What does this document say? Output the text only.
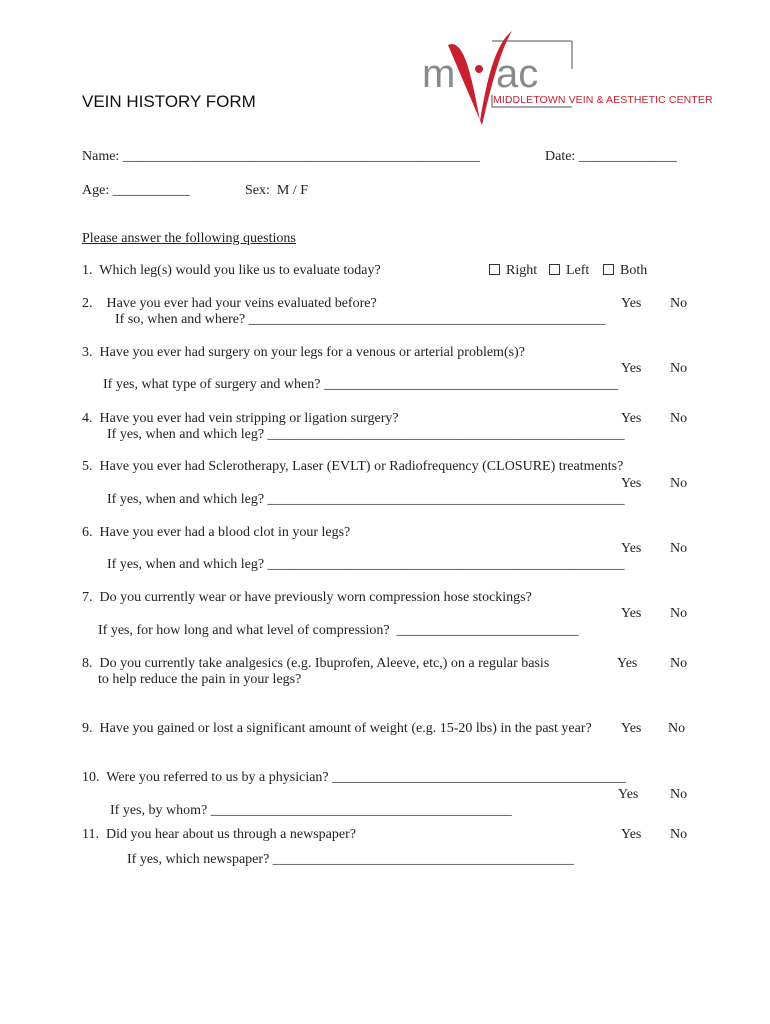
m ac
MIDDLETOWN VEIN & AESTHETIC CENTER
VEIN HISTORY FORM
Name: ___________________________________________________	Date: ______________
Age: ___________	Sex:  M / F
Please answer the following questions
1.  Which leg(s) would you like us to evaluate today?	Right	Left	Both
2.    Have you ever had your veins evaluated before?
If so, when and where? ___________________________________________________
Yes No
3.  Have you ever had surgery on your legs for a venous or arterial problem(s)?
Yes No
If yes, what type of surgery and when? __________________________________________
4.  Have you ever had vein stripping or ligation surgery?	Yes No
If yes, when and which leg? ___________________________________________________
5.  Have you ever had Sclerotherapy, Laser (EVLT) or Radiofrequency (CLOSURE) treatments?
Yes No
If yes, when and which leg? ___________________________________________________
6.  Have you ever had a blood clot in your legs?
Yes No
If yes, when and which leg? ___________________________________________________
7.  Do you currently wear or have previously worn compression hose stockings?
Yes No
If yes, for how long and what level of compression?  __________________________
8.  Do you currently take analgesics (e.g. Ibuprofen, Aleeve, etc,) on a regular basis
to help reduce the pain in your legs?
Yes No
9.  Have you gained or lost a significant amount of weight (e.g. 15-20 lbs) in the past year? Yes No
10.  Were you referred to us by a physician? __________________________________________
Yes No
If yes, by whom? ___________________________________________
11.  Did you hear about us through a newspaper?	Yes No
If yes, which newspaper? ___________________________________________
